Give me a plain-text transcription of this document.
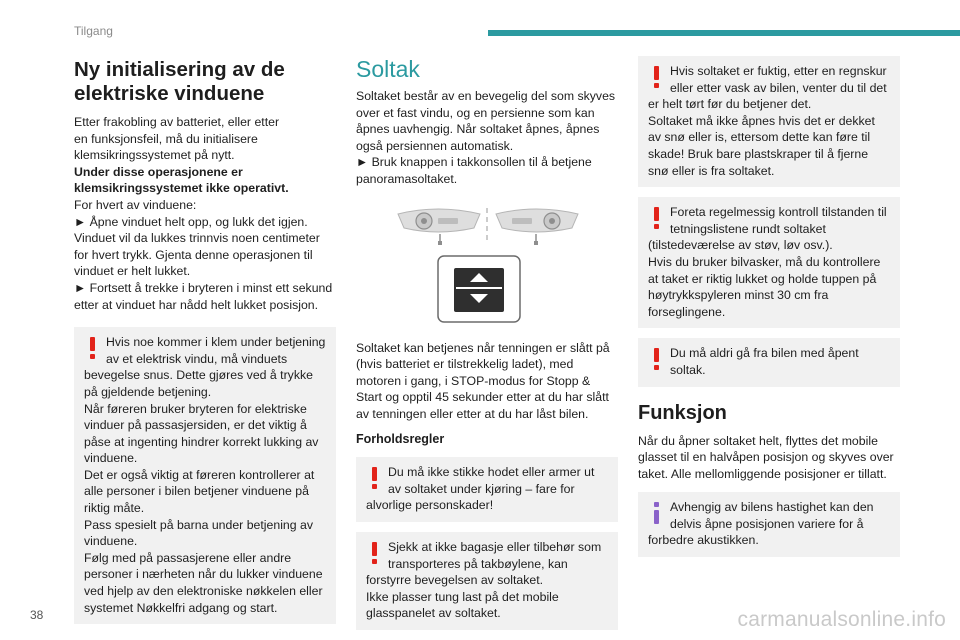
Tilgang
Ny initialisering av de
elektriske vinduene

Etter frakobling av batteriet, eller etter
en funksjonsfeil, må du initialisere
klemsikringssystemet på nytt.

Under disse operasjonene er
klemsikringssystemet ikke operativt.

For hvert av vinduene:
► Åpne vinduet helt opp, og lukk det igjen.
Vinduet vil da lukkes trinnvis noen centimeter for hvert trykk. Gjenta denne operasjonen til vinduet er helt lukket.
► Fortsett å trekke i bryteren i minst ett sekund etter at vinduet har nådd helt lukket posisjon.

Hvis noe kommer i klem under betjening av et elektrisk vindu, må vinduets bevegelse snus. Dette gjøres ved å trykke på gjeldende betjening.
Når føreren bruker bryteren for elektriske vinduer på passasjersiden, er det viktig å påse at ingenting hindrer korrekt lukking av vinduene.
Det er også viktig at føreren kontrollerer at alle personer i bilen betjener vinduene på riktig måte.
Pass spesielt på barna under betjening av vinduene.
Følg med på passasjerene eller andre personer i nærheten når du lukker vinduene ved hjelp av den elektroniske nøkkelen eller systemet Nøkkelfri adgang og start.
Soltak

Soltaket består av en bevegelig del som skyves over et fast vindu, og en persienne som kan åpnes uavhengig. Når soltaket åpnes, åpnes også persiennen automatisk.
► Bruk knappen i takkonsollen til å betjene panoramasoltaket.

Soltaket kan betjenes når tenningen er slått på (hvis batteriet er tilstrekkelig ladet), med motoren i gang, i STOP-modus for Stopp & Start og opptil 45 sekunder etter at du har slått av tenningen eller etter at du har låst bilen.

Forholdsregler
Du må ikke stikke hodet eller armer ut av soltaket under kjøring – fare for alvorlige personskader!
Sjekk at ikke bagasje eller tilbehør som transporteres på takbøylene, kan forstyrre bevegelsen av soltaket.
Ikke plasser tung last på det mobile glasspanelet av soltaket.
Hvis soltaket er fuktig, etter en regnskur eller etter vask av bilen, venter du til det er helt tørt før du betjener det.
Soltaket må ikke åpnes hvis det er dekket av snø eller is, ettersom dette kan føre til skade! Bruk bare plastskraper til å fjerne snø eller is fra soltaket.
Foreta regelmessig kontroll tilstanden til tetningslistene rundt soltaket (tilstedeværelse av støv, løv osv.).
Hvis du bruker bilvasker, må du kontrollere at taket er riktig lukket og holde tuppen på høytrykkspyleren minst 30 cm fra forseglingene.
Du må aldri gå fra bilen med åpent soltak.
Funksjon

Når du åpner soltaket helt, flyttes det mobile glasset til en halvåpen posisjon og skyves over taket. Alle mellomliggende posisjoner er tillatt.

Avhengig av bilens hastighet kan den delvis åpne posisjonen variere for å forbedre akustikken.
38	carmanualsonline.info
